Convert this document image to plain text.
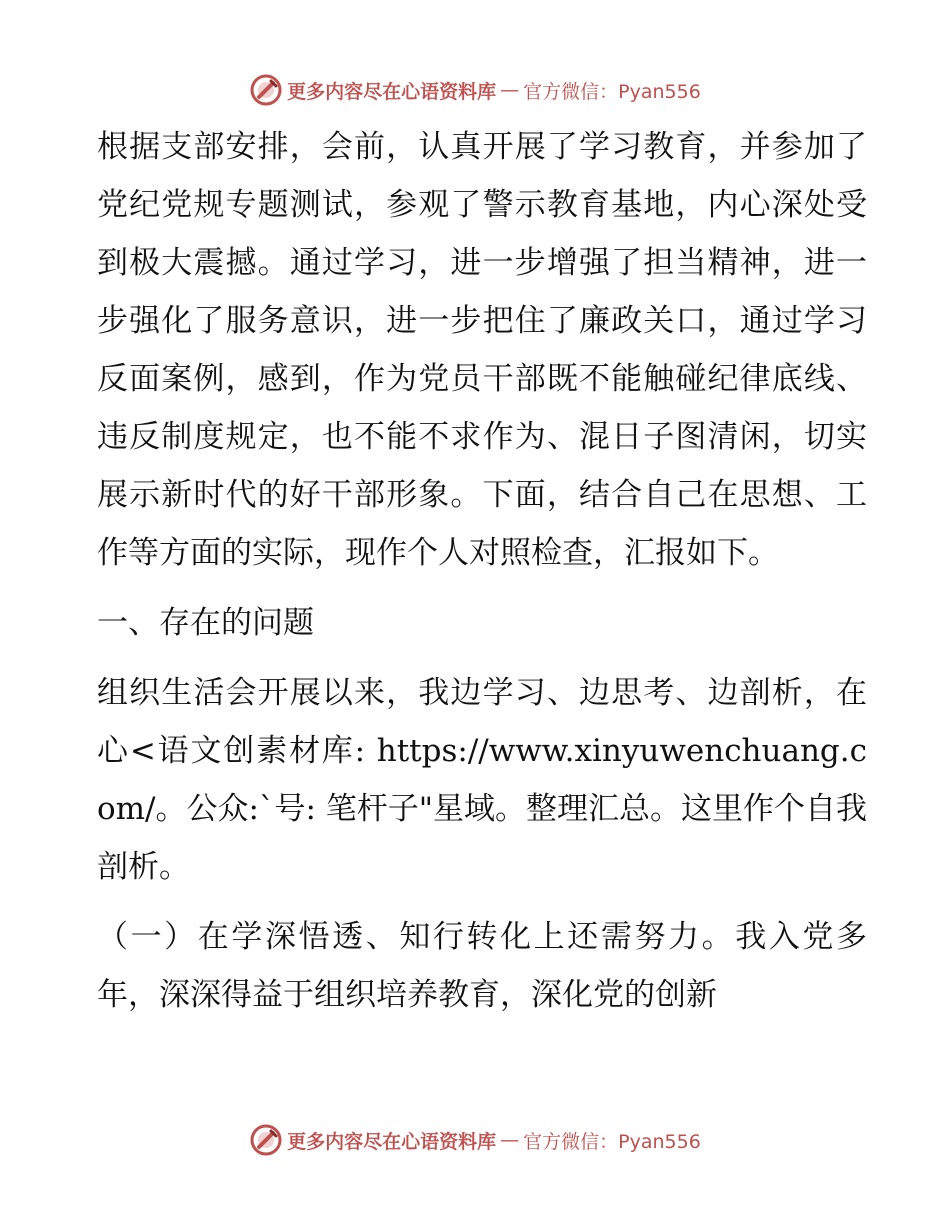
更多内容尽在心语资料库 — 官方微信：Pyan556

根据支部安排，会前，认真开展了学习教育，并参加了党纪党规专题测试，参观了警示教育基地，内心深处受到极大震撼。通过学习，进一步增强了担当精神，进一步强化了服务意识，进一步把住了廉政关口，通过学习反面案例，感到，作为党员干部既不能触碰纪律底线、违反制度规定，也不能不求作为、混日子图清闲，切实展示新时代的好干部形象。下面，结合自己在思想、工作等方面的实际，现作个人对照检查，汇报如下。

一、存在的问题

组织生活会开展以来，我边学习、边思考、边剖析，在心<语文创素材库: https://www.xinyuwenchuang.com/。公众:`号: 笔杆子"星域。整理汇总。这里作个自我剖析。

（一）在学深悟透、知行转化上还需努力。我入党多年，深深得益于组织培养教育，深化党的创新

更多内容尽在心语资料库 — 官方微信：Pyan556
